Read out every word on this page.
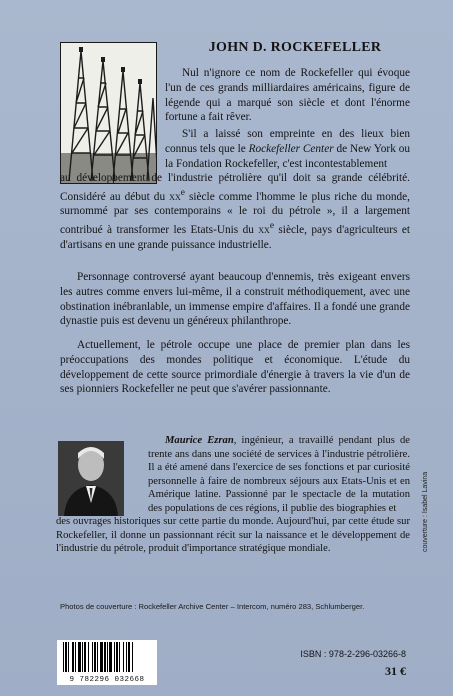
JOHN D. ROCKEFELLER

Nul n'ignore ce nom de Rockefeller qui évoque l'un de ces grands milliardaires américains, figure de légende qui a marqué son siècle et dont l'énorme fortune a fait rêver.

S'il a laissé son empreinte en des lieux bien connus tels que le Rockefeller Center de New York ou la Fondation Rockefeller, c'est incontestablement

au développement de l'industrie pétrolière qu'il doit sa grande célébrité. Considéré au début du $xx^e$ siècle comme l'homme le plus riche du monde, surnommé par ses contemporains « le roi du pétrole », il a largement contribué à transformer les Etats-Unis du $xx^e$ siècle, pays d'agriculteurs et d'artisans en une grande puissance industrielle.

Personnage controversé ayant beaucoup d'ennemis, très exigeant envers les autres comme envers lui-même, il a construit méthodiquement, avec une obstination inébranlable, un immense empire d'affaires. Il a fondé une grande dynastie puis est devenu un généreux philanthrope.

Actuellement, le pétrole occupe une place de premier plan dans les préoccupations des mondes politique et économique. L'étude du développement de cette source primordiale d'énergie à travers la vie d'un de ses pionniers Rockefeller ne peut que s'avérer passionnante.

Maurice Ezran, ingénieur, a travaillé pendant plus de trente ans dans une société de services à l'industrie pétrolière. Il a été amené dans l'exercice de ses fonctions et par curiosité personnelle à faire de nombreux séjours aux Etats-Unis et en Amérique latine. Passionné par le spectacle de la mutation des populations de ces régions, il publie des biographies et

des ouvrages historiques sur cette partie du monde. Aujourd'hui, par cette étude sur Rockefeller, il donne un passionnant récit sur la naissance et le développement de l'industrie du pétrole, produit d'importance stratégique mondiale.	couverture : Isabel Lavina
Photos de couverture : Rockefeller Archive Center – Intercom, numéro 283, Schlumberger.
9 782296 032668
ISBN : 978-2-296-03266-8
31 €
